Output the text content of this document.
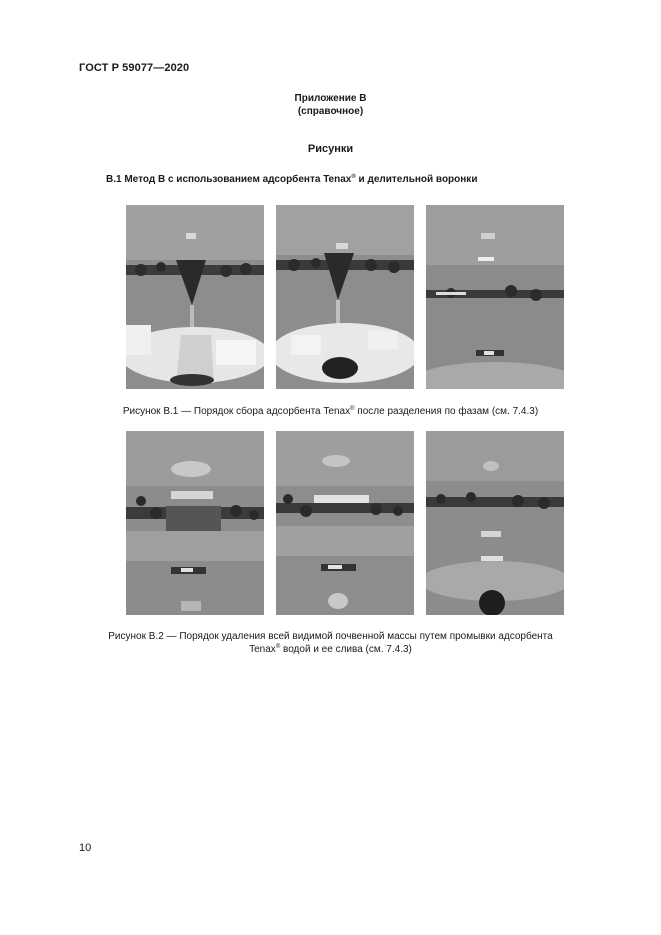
ГОСТ Р 59077—2020
Приложение В
(справочное)
Рисунки
В.1 Метод В с использованием адсорбента Tenax® и делительной воронки
Рисунок В.1 — Порядок сбора адсорбента Tenax® после разделения по фазам (см. 7.4.3)
Рисунок В.2 — Порядок удаления всей видимой почвенной массы путем промывки адсорбента
Tenax® водой и ее слива (см. 7.4.3)
10
